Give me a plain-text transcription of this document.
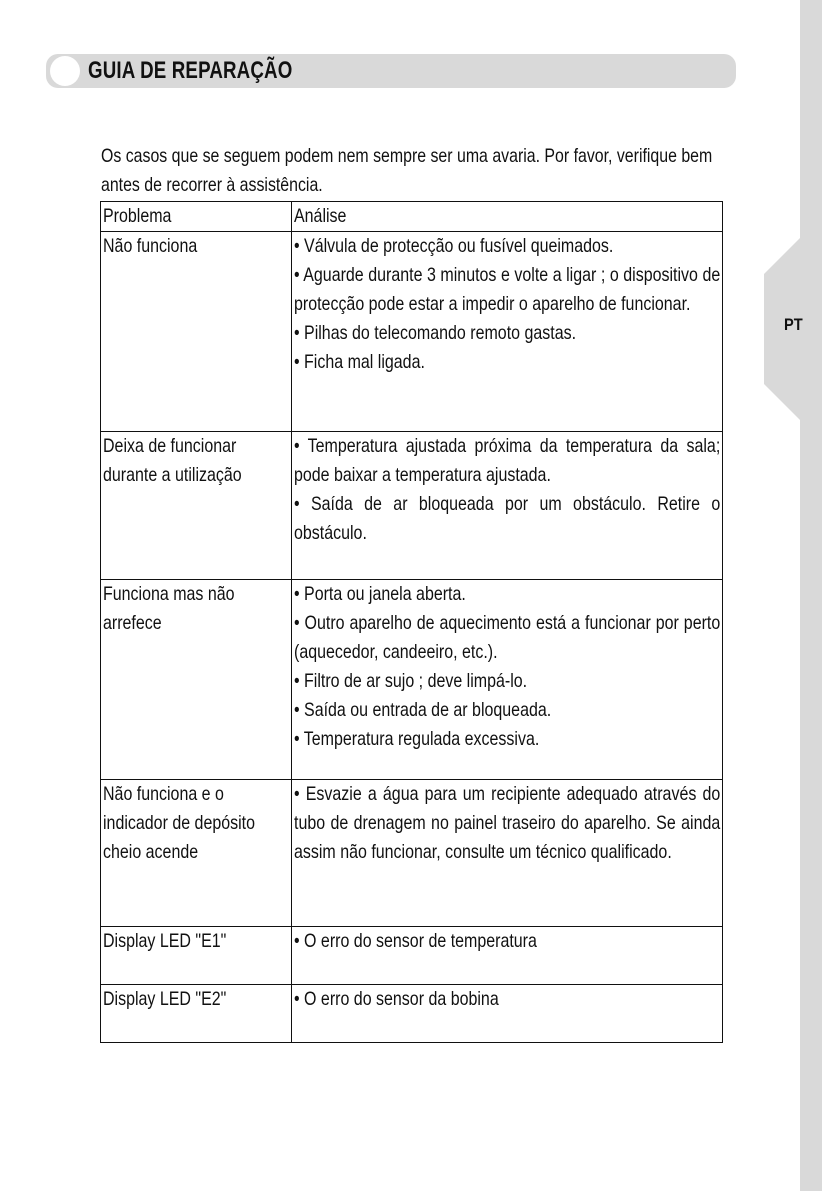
PT
GUIA DE REPARAÇÃO
Os casos que se seguem podem nem sempre ser uma avaria. Por favor, verifique bem antes de recorrer à assistência.
Problema	Análise

Não funciona	• Válvula de protecção ou fusível queimados.
• Aguarde durante 3 minutos e volte a ligar ; o dispositivo de protecção pode estar a impedir o aparelho de funcionar.
• Pilhas do telecomando remoto gastas.
• Ficha mal ligada.

Deixa de funcionar durante a utilização	• Temperatura ajustada próxima da temperatura da sala; pode baixar a temperatura ajustada.
• Saída de ar bloqueada por um obstáculo. Retire o obstáculo.

Funciona mas não arrefece	• Porta ou janela aberta.
• Outro aparelho de aquecimento está a funcionar por perto (aquecedor, candeeiro, etc.).
• Filtro de ar sujo ; deve limpá-lo.
• Saída ou entrada de ar bloqueada.
• Temperatura regulada excessiva.

Não funciona e o indicador de depósito cheio acende	• Esvazie a água para um recipiente adequado através do tubo de drenagem no painel traseiro do aparelho. Se ainda assim não funcionar, consulte um técnico qualificado.

Display LED "E1"	• O erro do sensor de temperatura

Display LED "E2"	• O erro do sensor da bobina
